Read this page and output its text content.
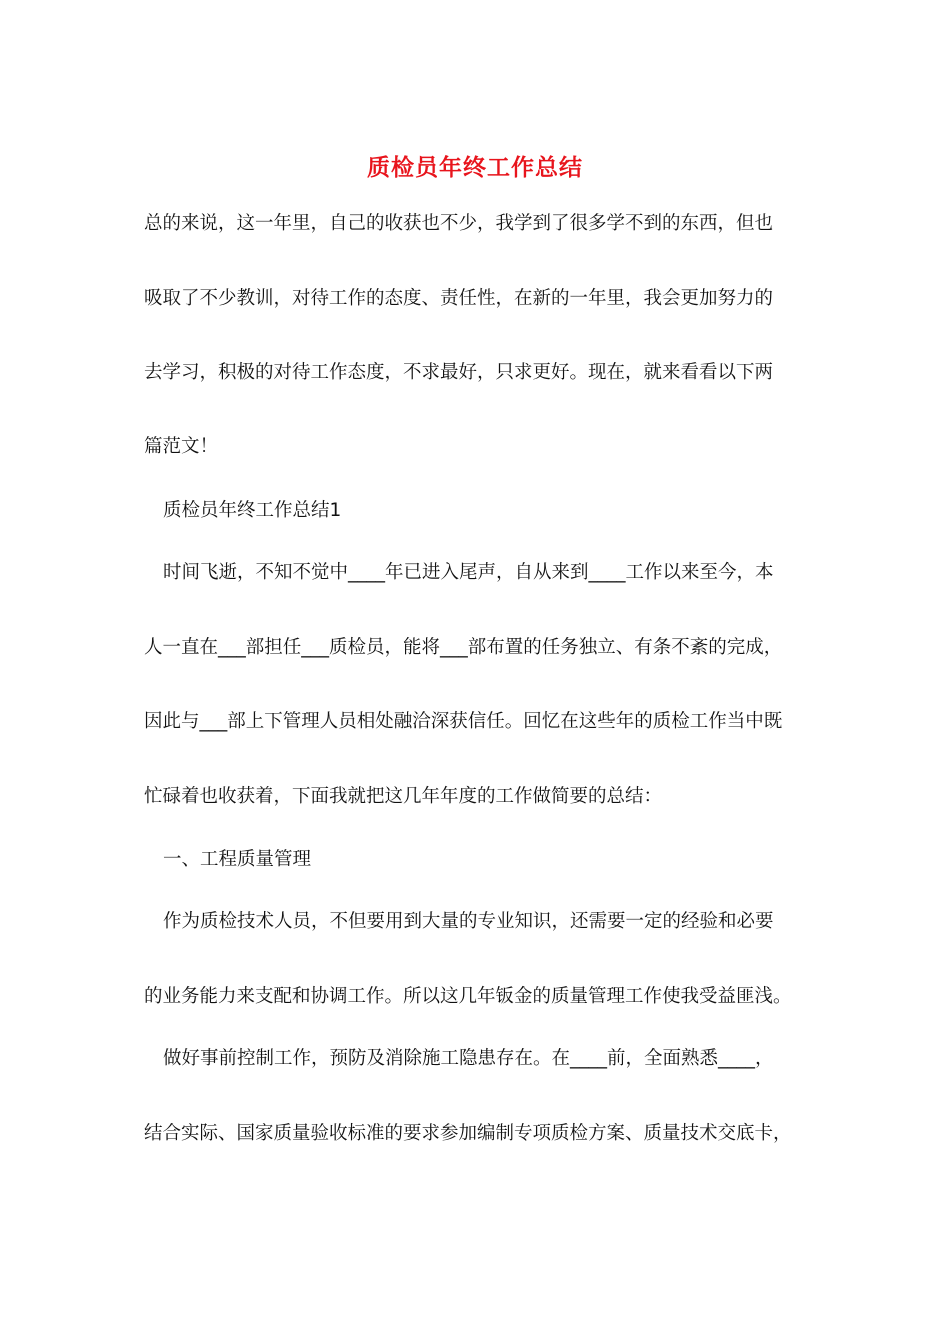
质检员年终工作总结
总的来说，这一年里，自己的收获也不少，我学到了很多学不到的东西，但也
吸取了不少教训，对待工作的态度、责任性，在新的一年里，我会更加努力的
去学习，积极的对待工作态度，不求最好，只求更好。现在，就来看看以下两
篇范文！
质检员年终工作总结1
时间飞逝，不知不觉中____年已进入尾声，自从来到____工作以来至今，本
人一直在___部担任___质检员，能将___部布置的任务独立、有条不紊的完成，
因此与___部上下管理人员相处融洽深获信任。回忆在这些年的质检工作当中既
忙碌着也收获着，下面我就把这几年年度的工作做简要的总结：
一、工程质量管理
作为质检技术人员，不但要用到大量的专业知识，还需要一定的经验和必要
的业务能力来支配和协调工作。所以这几年钣金的质量管理工作使我受益匪浅。
做好事前控制工作，预防及消除施工隐患存在。在____前，全面熟悉____，
结合实际、国家质量验收标准的要求参加编制专项质检方案、质量技术交底卡，
